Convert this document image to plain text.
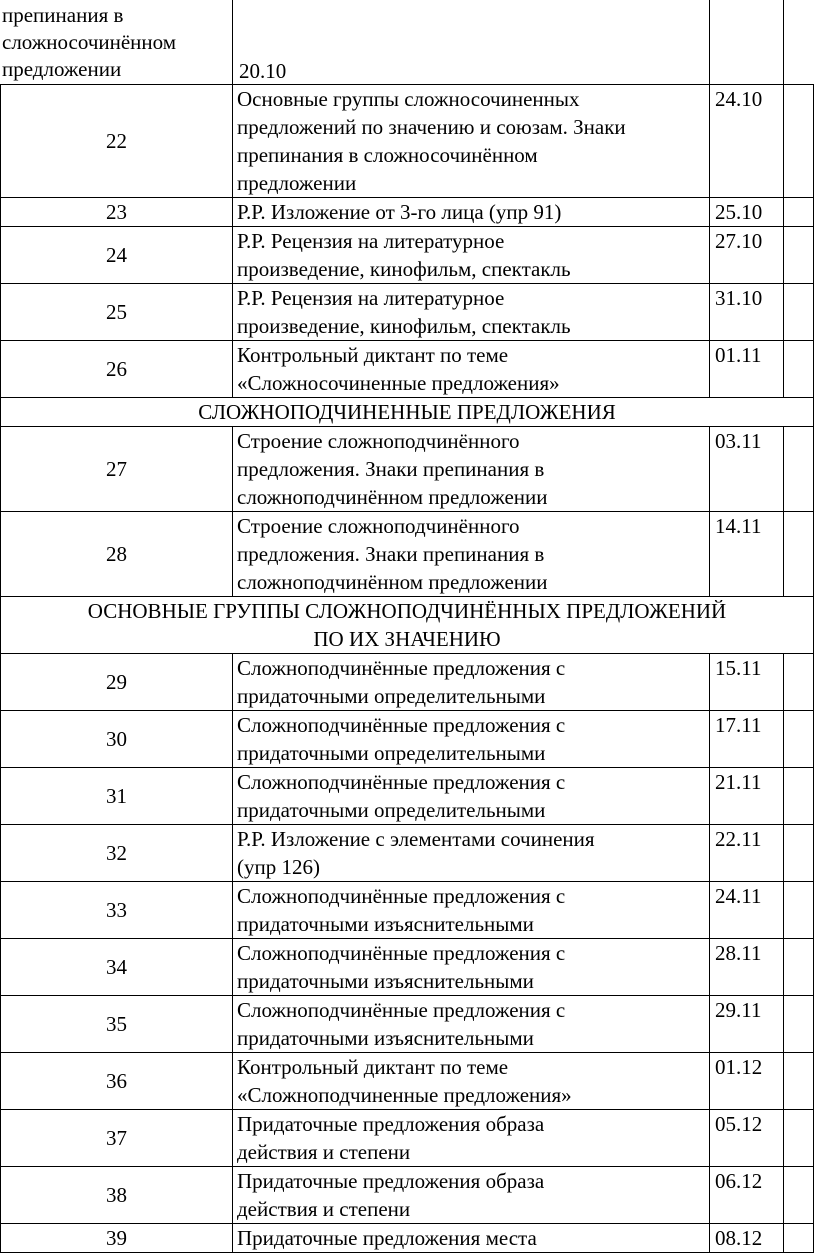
препинания в
сложносочинённом
предложении	20.10
22	Основные группы сложносочиненных
предложений по значению и союзам. Знаки
препинания в сложносочинённом
предложении	24.10	
23	Р.Р. Изложение от 3-го лица (упр 91)	25.10	
24	Р.Р. Рецензия на литературное
произведение, кинофильм, спектакль	27.10	
25	Р.Р. Рецензия на литературное
произведение, кинофильм, спектакль	31.10	
26	Контрольный диктант по теме
«Сложносочиненные предложения»	01.11	

СЛОЖНОПОДЧИНЕННЫЕ ПРЕДЛОЖЕНИЯ			

27	Строение сложноподчинённого
предложения. Знаки препинания в
сложноподчинённом предложении	03.11	
28	Строение сложноподчинённого
предложения. Знаки препинания в
сложноподчинённом предложении	14.11	

ОСНОВНЫЕ ГРУППЫ СЛОЖНОПОДЧИНЁННЫХ ПРЕДЛОЖЕНИЙ
ПО ИХ ЗНАЧЕНИЮ			

29	Сложноподчинённые предложения с
придаточными определительными	15.11	
30	Сложноподчинённые предложения с
придаточными определительными	17.11	
31	Сложноподчинённые предложения с
придаточными определительными	21.11	
32	Р.Р. Изложение с элементами сочинения
(упр 126)	22.11	
33	Сложноподчинённые предложения с
придаточными изъяснительными	24.11	
34	Сложноподчинённые предложения с
придаточными изъяснительными	28.11	
35	Сложноподчинённые предложения с
придаточными изъяснительными	29.11	
36	Контрольный диктант по теме
«Сложноподчиненные предложения»	01.12	
37	Придаточные предложения образа
действия и степени	05.12	
38	Придаточные предложения образа
действия и степени	06.12	
39	Придаточные предложения места	08.12	
